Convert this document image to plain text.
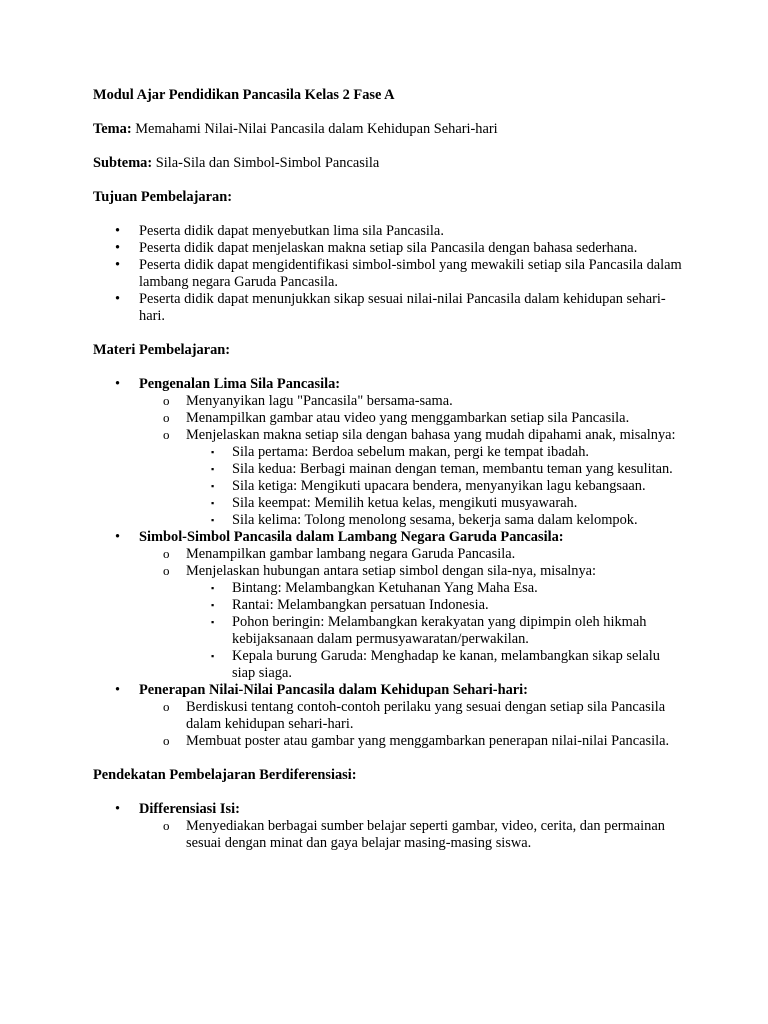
Modul Ajar Pendidikan Pancasila Kelas 2 Fase A

Tema: Memahami Nilai-Nilai Pancasila dalam Kehidupan Sehari-hari

Subtema: Sila-Sila dan Simbol-Simbol Pancasila

Tujuan Pembelajaran:

• Peserta didik dapat menyebutkan lima sila Pancasila.
• Peserta didik dapat menjelaskan makna setiap sila Pancasila dengan bahasa sederhana.
• Peserta didik dapat mengidentifikasi simbol-simbol yang mewakili setiap sila Pancasila dalam lambang negara Garuda Pancasila.
• Peserta didik dapat menunjukkan sikap sesuai nilai-nilai Pancasila dalam kehidupan sehari-hari.

Materi Pembelajaran:

• Pengenalan Lima Sila Pancasila:
o Menyanyikan lagu "Pancasila" bersama-sama.
o Menampilkan gambar atau video yang menggambarkan setiap sila Pancasila.
o Menjelaskan makna setiap sila dengan bahasa yang mudah dipahami anak, misalnya:
▪ Sila pertama: Berdoa sebelum makan, pergi ke tempat ibadah.
▪ Sila kedua: Berbagi mainan dengan teman, membantu teman yang kesulitan.
▪ Sila ketiga: Mengikuti upacara bendera, menyanyikan lagu kebangsaan.
▪ Sila keempat: Memilih ketua kelas, mengikuti musyawarah.
▪ Sila kelima: Tolong menolong sesama, bekerja sama dalam kelompok.
• Simbol-Simbol Pancasila dalam Lambang Negara Garuda Pancasila:
o Menampilkan gambar lambang negara Garuda Pancasila.
o Menjelaskan hubungan antara setiap simbol dengan sila-nya, misalnya:
▪ Bintang: Melambangkan Ketuhanan Yang Maha Esa.
▪ Rantai: Melambangkan persatuan Indonesia.
▪ Pohon beringin: Melambangkan kerakyatan yang dipimpin oleh hikmah kebijaksanaan dalam permusyawaratan/perwakilan.
▪ Kepala burung Garuda: Menghadap ke kanan, melambangkan sikap selalu siap siaga.
• Penerapan Nilai-Nilai Pancasila dalam Kehidupan Sehari-hari:
o Berdiskusi tentang contoh-contoh perilaku yang sesuai dengan setiap sila Pancasila dalam kehidupan sehari-hari.
o Membuat poster atau gambar yang menggambarkan penerapan nilai-nilai Pancasila.

Pendekatan Pembelajaran Berdiferensiasi:

• Differensiasi Isi:
o Menyediakan berbagai sumber belajar seperti gambar, video, cerita, dan permainan sesuai dengan minat dan gaya belajar masing-masing siswa.
